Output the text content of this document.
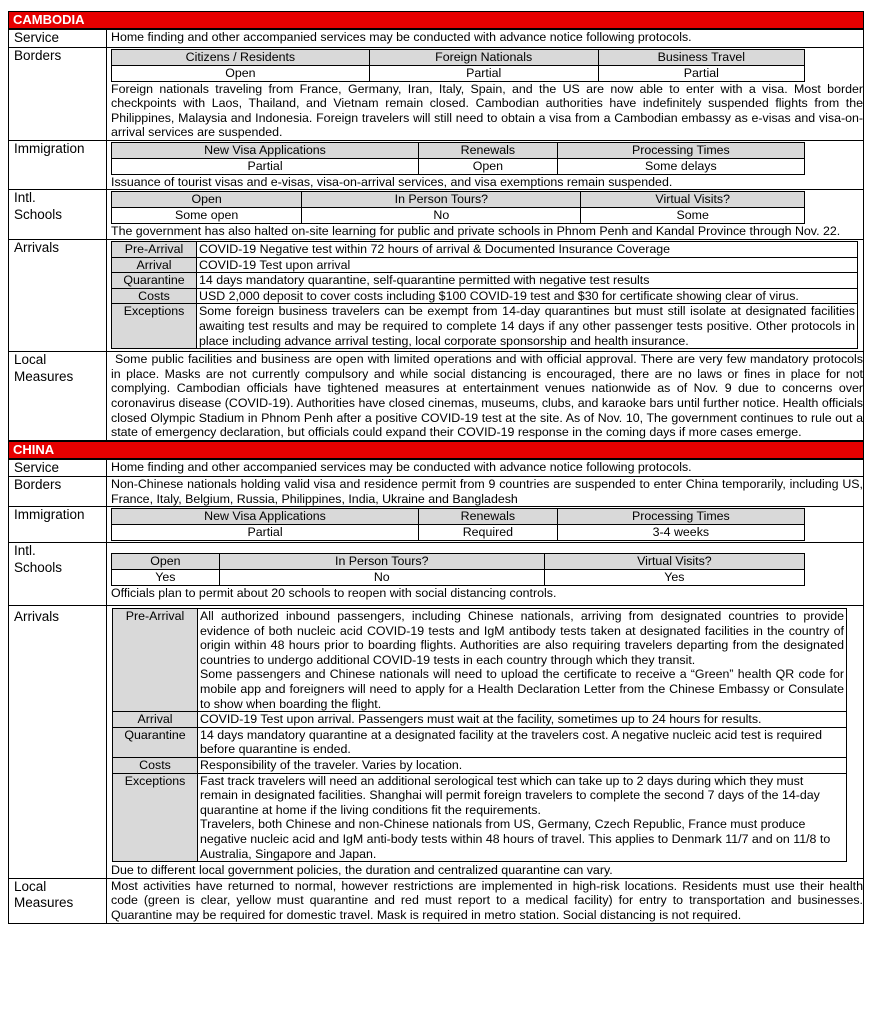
CAMBODIA
Service	Home finding and other accompanied services may be conducted with advance notice following protocols.
Borders		Citizens / Residents	Foreign Nationals	Business Travel
Open	Partial	Partial

Foreign nationals traveling from France, Germany, Iran, Italy, Spain, and the US are now able to enter with a visa. Most border checkpoints with Laos, Thailand, and Vietnam remain closed. Cambodian authorities have indefinitely suspended flights from the Philippines, Malaysia and Indonesia. Foreign travelers will still need to obtain a visa from a Cambodian embassy as e-visas and visa-on-arrival services are suspended.

Immigration		New Visa Applications	Renewals	Processing Times
Partial	Open	Some delays

Issuance of tourist visas and e-visas, visa-on-arrival services, and visa exemptions remain suspended.

Intl.
Schools

Open	In Person Tours?	Virtual Visits?
Some open	No	Some

The government has also halted on-site learning for public and private schools in Phnom Penh and Kandal Province through Nov. 22.

Arrivals		Pre-Arrival	COVID-19 Negative test within 72 hours of arrival & Documented Insurance Coverage
Arrival	COVID-19 Test upon arrival
Quarantine	14 days mandatory quarantine, self-quarantine permitted with negative test results
Costs	USD 2,000 deposit to cover costs including $100 COVID-19 test and $30 for certificate showing clear of virus.
Exceptions	Some foreign business travelers can be exempt from 14-day quarantines but must still isolate at designated facilities awaiting test results and may be required to complete 14 days if any other passenger tests positive. Other protocols in place including advance arrival testing, local corporate sponsorship and health insurance.

Local
Measures

Some public facilities and business are open with limited operations and with official approval. There are very few mandatory protocols in place. Masks are not currently compulsory and while social distancing is encouraged, there are no laws or fines in place for not complying. Cambodian officials have tightened measures at entertainment venues nationwide as of Nov. 9 due to concerns over coronavirus disease (COVID-19). Authorities have closed cinemas, museums, clubs, and karaoke bars until further notice. Health officials closed Olympic Stadium in Phnom Penh after a positive COVID-19 test at the site. As of Nov. 10, The government continues to rule out a state of emergency declaration, but officials could expand their COVID-19 response in the coming days if more cases emerge.

CHINA
Service	Home finding and other accompanied services may be conducted with advance notice following protocols.
Borders	Non-Chinese nationals holding valid visa and residence permit from 9 countries are suspended to enter China temporarily, including US, France, Italy, Belgium, Russia, Philippines, India, Ukraine and Bangladesh
Immigration		New Visa Applications	Renewals	Processing Times
Partial	Required	3-4 weeks

Intl.
Schools
		Open	In Person Tours?	Virtual Visits?
Yes	No	Yes

Officials plan to permit about 20 schools to reopen with social distancing controls.

Arrivals		Pre-Arrival	All authorized inbound passengers, including Chinese nationals, arriving from designated countries to provide evidence of both nucleic acid COVID-19 tests and IgM antibody tests taken at designated facilities in the country of origin within 48 hours prior to boarding flights. Authorities are also requiring travelers departing from the designated countries to undergo additional COVID-19 tests in each country through which they transit.

Some passengers and Chinese nationals will need to upload the certificate to receive a “Green” health QR code for mobile app and foreigners will need to apply for a Health Declaration Letter from the Chinese Embassy or Consulate to show when boarding the flight.

Arrival	COVID-19 Test upon arrival. Passengers must wait at the facility, sometimes up to 24 hours for results.
Quarantine	14 days mandatory quarantine at a designated facility at the travelers cost. A negative nucleic acid test is required before quarantine is ended.
Costs	Responsibility of the traveler. Varies by location.
Exceptions	Fast track travelers will need an additional serological test which can take up to 2 days during which they must remain in designated facilities. Shanghai will permit foreign travelers to complete the second 7 days of the 14-day quarantine at home if the living conditions fit the requirements.

Travelers, both Chinese and non-Chinese nationals from US, Germany, Czech Republic, France must produce negative nucleic acid and IgM anti-body tests within 48 hours of travel. This applies to Denmark 11/7 and on 11/8 to Australia, Singapore and Japan.

Due to different local government policies, the duration and centralized quarantine can vary.

Local
Measures

Most activities have returned to normal, however restrictions are implemented in high-risk locations. Residents must use their health code (green is clear, yellow must quarantine and red must report to a medical facility) for entry to transportation and businesses. Quarantine may be required for domestic travel. Mask is required in metro station. Social distancing is not required.
